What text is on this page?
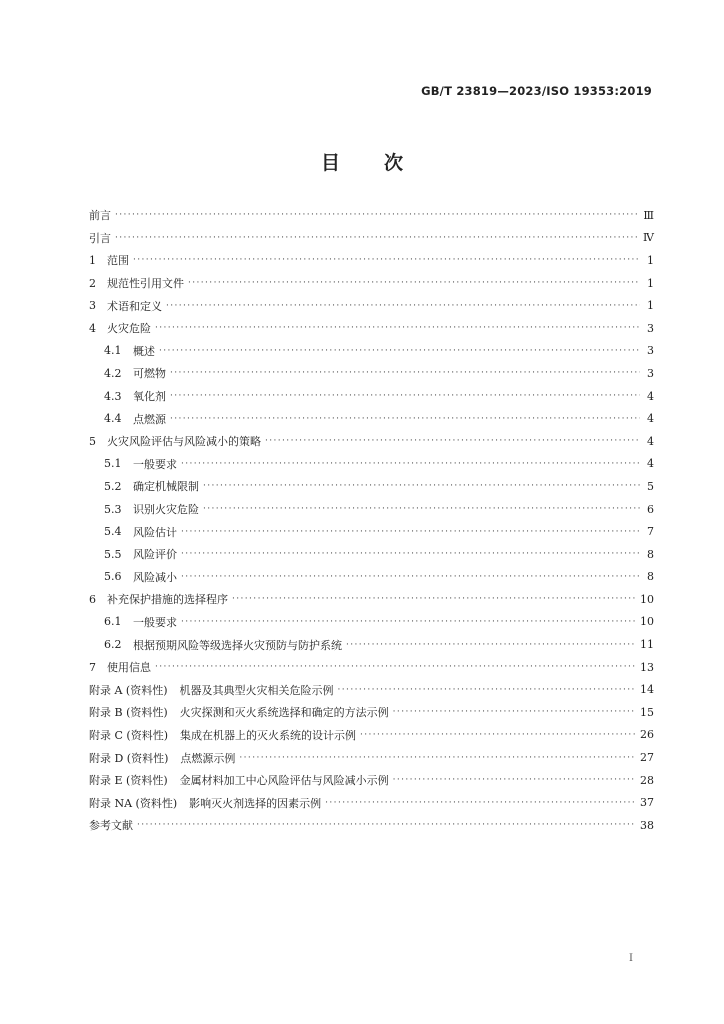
GB/T 23819—2023/ISO 19353:2019
目次
前言 ·····	Ⅲ
引言 ·····	Ⅳ
1	范围 ·····	1
2	规范性引用文件 ·····	1
3	术语和定义 ·····	1
4	火灾危险 ·····	3
4.1	概述 ·····	3
4.2	可燃物 ·····	3
4.3	氧化剂 ·····	4
4.4	点燃源 ·····	4
5	火灾风险评估与风险减小的策略 ·····	4
5.1	一般要求 ·····	4
5.2	确定机械限制 ·····	5
5.3	识别火灾危险 ·····	6
5.4	风险估计 ·····	7
5.5	风险评价 ·····	8
5.6	风险减小 ·····	8
6	补充保护措施的选择程序 ·····	10
6.1	一般要求 ·····	10
6.2	根据预期风险等级选择火灾预防与防护系统 ·····	11
7	使用信息 ·····	13
附录 A (资料性) 机器及其典型火灾相关危险示例 ·····	14
附录 B (资料性) 火灾探测和灭火系统选择和确定的方法示例 ·····	15
附录 C (资料性) 集成在机器上的灭火系统的设计示例 ·····	26
附录 D (资料性) 点燃源示例 ·····	27
附录 E (资料性) 金属材料加工中心风险评估与风险减小示例 ·····	28
附录 NA (资料性) 影响灭火剂选择的因素示例 ·····	37
参考文献 ·····	38
I
